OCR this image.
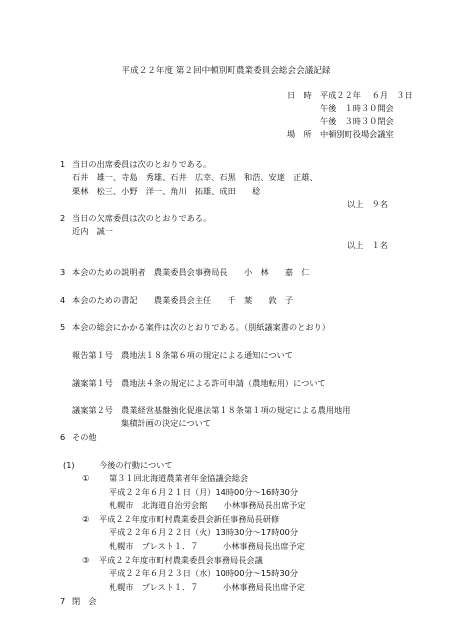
平成２２年度 第２回中頓別町農業委員会総会会議記録
日　時 平成２２年　 ６月　３日
午後　１時３０開会
午後　３時３０閉会
場　所 中頓別町役場会議室
1 当日の出席委員は次のとおりである。
石井　雄一、寺島　秀雄、石井　広幸、石黒　和浩、安達　正雄、
栗林　松三、小野　洋一、角川　拓雄、成田　　稔
以上　９名
2 当日の欠席委員は次のとおりである。
近内　誠一
以上　１名
3 本会のための説明者　農業委員会事務局長　　小　林　　嘉　仁
4 本会のための書記　　農業委員会主任　　千　葉　　敦　子
5 本会の総会にかかる案件は次のとおりである。（別紙議案書のとおり）
報告第１号　農地法１８条第６項の規定による通知について
議案第１号　農地法４条の規定による許可申請（農地転用）について
議案第２号　農業経営基盤強化促進法第１８条第１項の規定による農用地用
集積計画の決定について
6 その他
(1)	今後の行動について
① 第３１回北海道農業者年金協議会総会
平成２２年６月２１日（月）14時00分～16時30分
札幌市　北海道自治労会館　　小林事務局長出席予定
② 平成２２年度市町村農業委員会新任事務局長研修
平成２２年６月２２日（火）13時30分～17時00分
札幌市　プレスト１．７　　　小林事務局長出席予定
③ 平成２２年度市町村農業委員会事務局長会議
平成２２年６月２３日（水）10時00分～15時30分
札幌市　プレスト１．７　　　小林事務局長出席予定
7 閉　会
